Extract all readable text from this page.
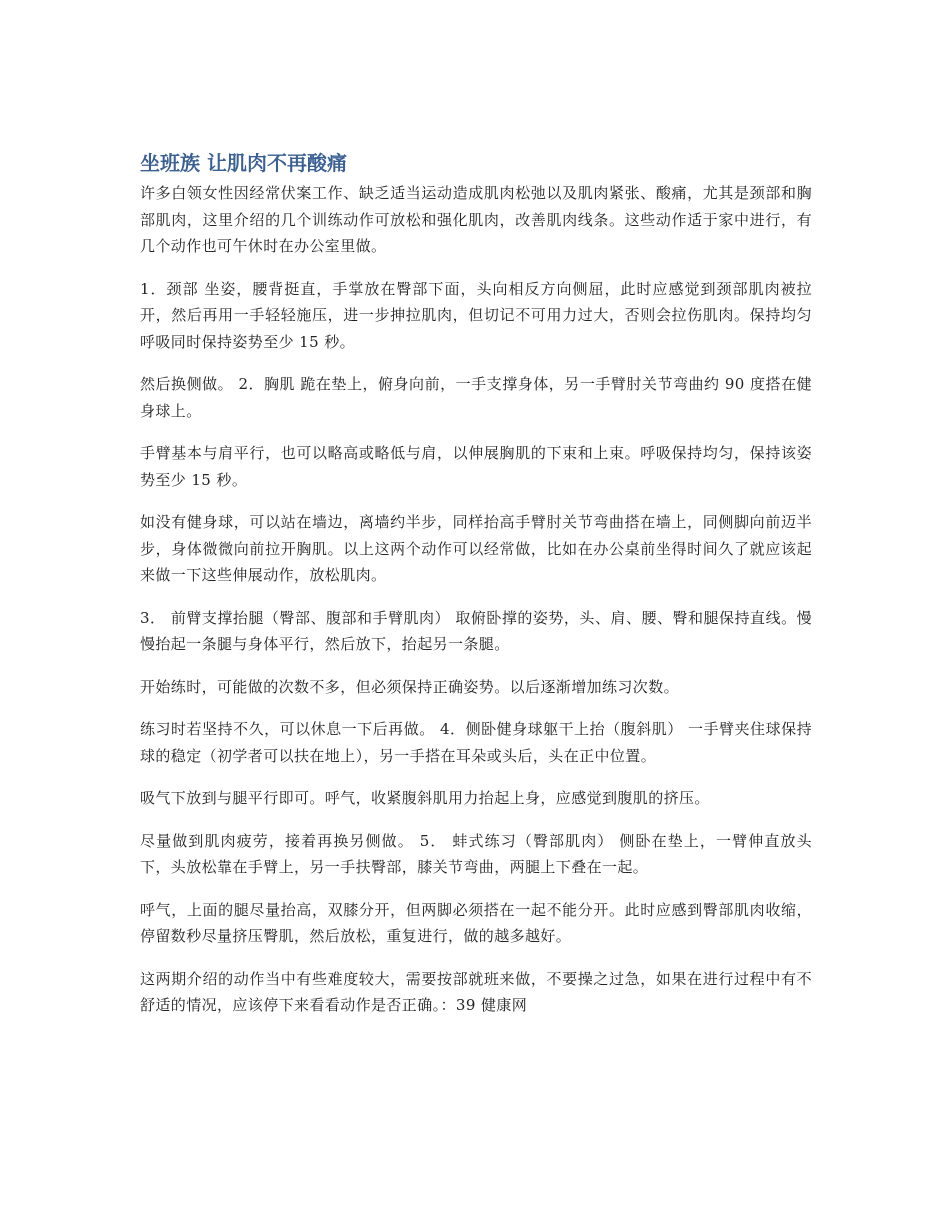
坐班族 让肌肉不再酸痛

许多白领女性因经常伏案工作、缺乏适当运动造成肌肉松弛以及肌肉紧张、酸痛，尤其是颈部和胸部肌肉，这里介绍的几个训练动作可放松和强化肌肉，改善肌肉线条。这些动作适于家中进行，有几个动作也可午休时在办公室里做。

1．颈部 坐姿，腰背挺直，手掌放在臀部下面，头向相反方向侧屈，此时应感觉到颈部肌肉被拉开，然后再用一手轻轻施压，进一步抻拉肌肉，但切记不可用力过大，否则会拉伤肌肉。保持均匀呼吸同时保持姿势至少 15 秒。

然后换侧做。 2．胸肌 跪在垫上，俯身向前，一手支撑身体，另一手臂肘关节弯曲约 90 度搭在健身球上。

手臂基本与肩平行，也可以略高或略低与肩，以伸展胸肌的下束和上束。呼吸保持均匀，保持该姿势至少 15 秒。

如没有健身球，可以站在墙边，离墙约半步，同样抬高手臂肘关节弯曲搭在墙上，同侧脚向前迈半步，身体微微向前拉开胸肌。以上这两个动作可以经常做，比如在办公桌前坐得时间久了就应该起来做一下这些伸展动作，放松肌肉。

3． 前臂支撑抬腿（臀部、腹部和手臂肌肉） 取俯卧撑的姿势，头、肩、腰、臀和腿保持直线。慢慢抬起一条腿与身体平行，然后放下，抬起另一条腿。

开始练时，可能做的次数不多，但必须保持正确姿势。以后逐渐增加练习次数。

练习时若坚持不久，可以休息一下后再做。 4．侧卧健身球躯干上抬（腹斜肌） 一手臂夹住球保持球的稳定（初学者可以扶在地上），另一手搭在耳朵或头后，头在正中位置。

吸气下放到与腿平行即可。呼气，收紧腹斜肌用力抬起上身，应感觉到腹肌的挤压。

尽量做到肌肉疲劳，接着再换另侧做。 5． 蚌式练习（臀部肌肉） 侧卧在垫上，一臂伸直放头下，头放松靠在手臂上，另一手扶臀部，膝关节弯曲，两腿上下叠在一起。

呼气，上面的腿尽量抬高，双膝分开，但两脚必须搭在一起不能分开。此时应感到臀部肌肉收缩，停留数秒尽量挤压臀肌，然后放松，重复进行，做的越多越好。

这两期介绍的动作当中有些难度较大，需要按部就班来做，不要操之过急，如果在进行过程中有不舒适的情况，应该停下来看看动作是否正确。：39 健康网
